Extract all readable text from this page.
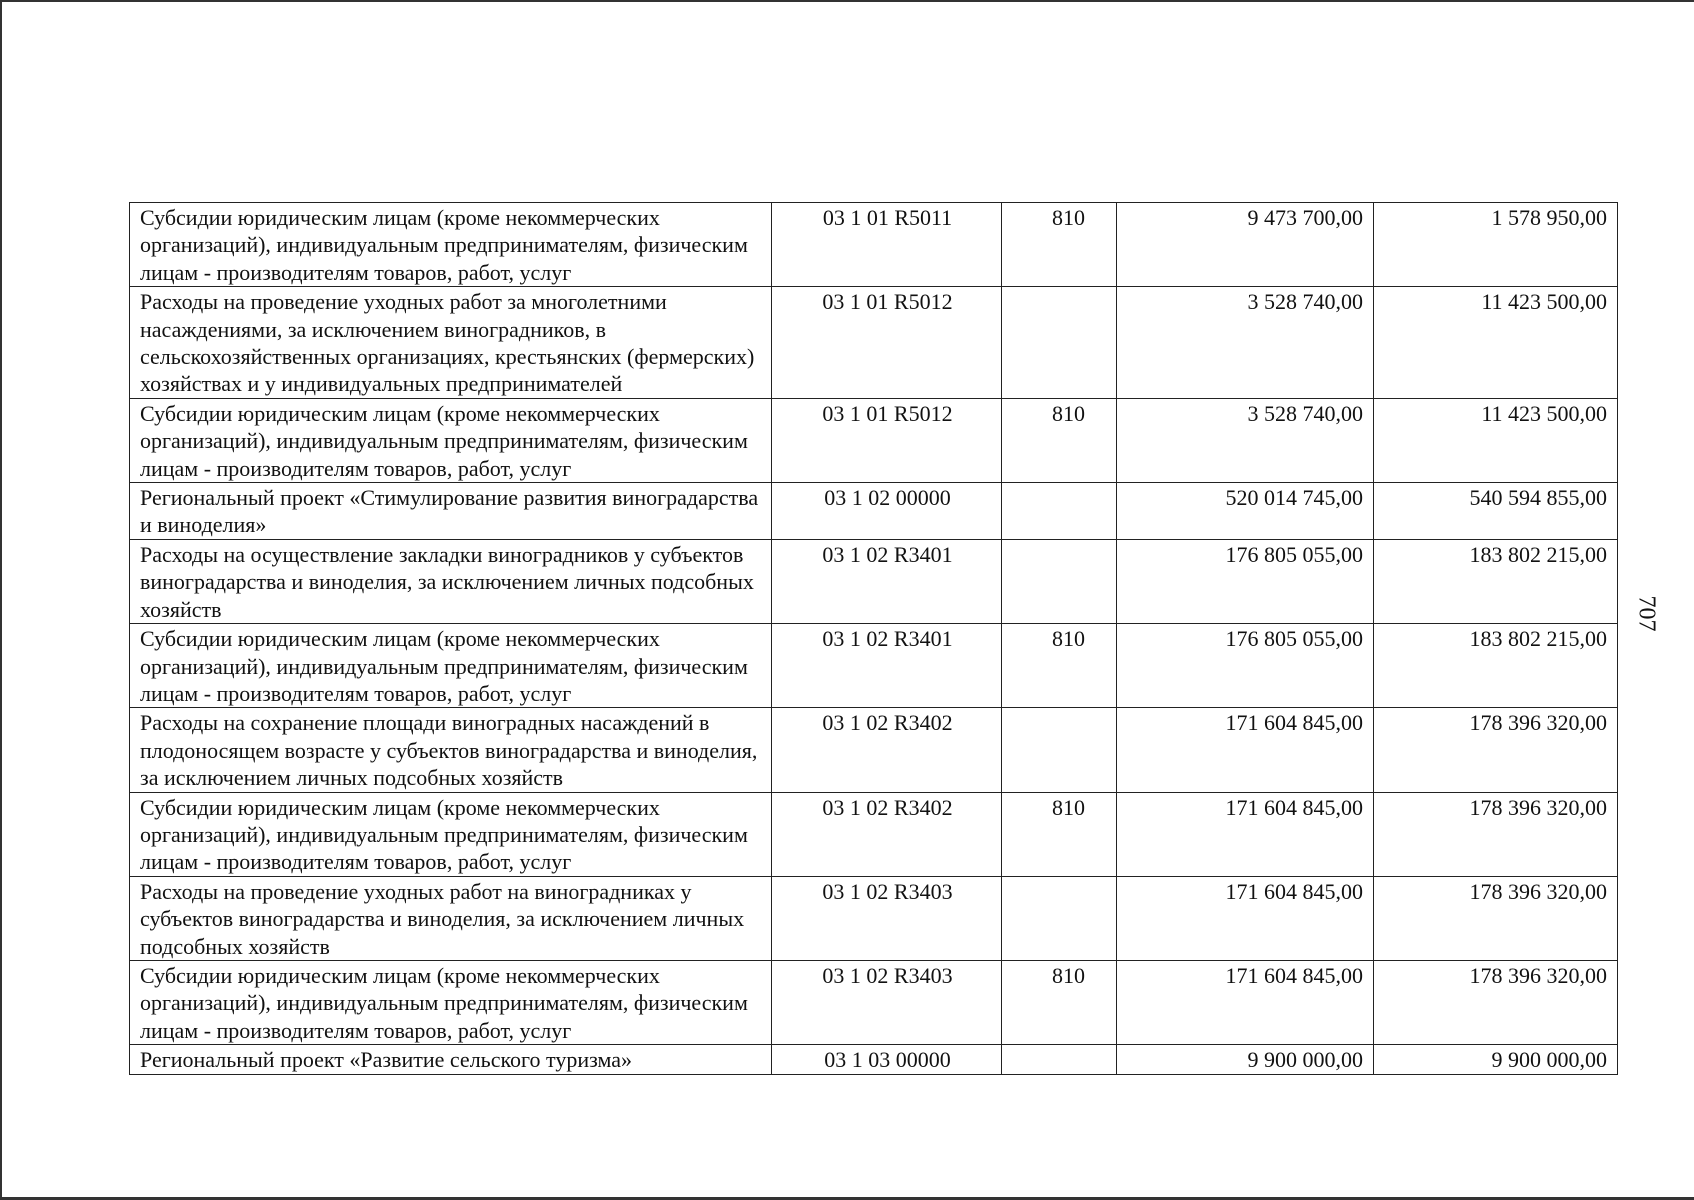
Субсидии юридическим лицам (кроме некоммерческих организаций), индивидуальным предпринимателям, физическим лицам - производителям товаров, работ, услуг	03 1 01 R5011	810	9 473 700,00	1 578 950,00
Расходы на проведение уходных работ за многолетними насаждениями, за исключением виноградников, в сельскохозяйственных организациях, крестьянских (фермерских) хозяйствах и у индивидуальных предпринимателей	03 1 01 R5012		3 528 740,00	11 423 500,00
Субсидии юридическим лицам (кроме некоммерческих организаций), индивидуальным предпринимателям, физическим лицам - производителям товаров, работ, услуг	03 1 01 R5012	810	3 528 740,00	11 423 500,00
Региональный проект «Стимулирование развития виноградарства и виноделия»	03 1 02 00000		520 014 745,00	540 594 855,00
Расходы на осуществление закладки виноградников у субъектов виноградарства и виноделия, за исключением личных подсобных хозяйств	03 1 02 R3401		176 805 055,00	183 802 215,00
Субсидии юридическим лицам (кроме некоммерческих организаций), индивидуальным предпринимателям, физическим лицам - производителям товаров, работ, услуг	03 1 02 R3401	810	176 805 055,00	183 802 215,00
Расходы на сохранение площади виноградных насаждений в плодоносящем возрасте у субъектов виноградарства и виноделия, за исключением личных подсобных хозяйств	03 1 02 R3402		171 604 845,00	178 396 320,00
Субсидии юридическим лицам (кроме некоммерческих организаций), индивидуальным предпринимателям, физическим лицам - производителям товаров, работ, услуг	03 1 02 R3402	810	171 604 845,00	178 396 320,00
Расходы на проведение уходных работ на виноградниках у субъектов виноградарства и виноделия, за исключением личных подсобных хозяйств	03 1 02 R3403		171 604 845,00	178 396 320,00
Субсидии юридическим лицам (кроме некоммерческих организаций), индивидуальным предпринимателям, физическим лицам - производителям товаров, работ, услуг	03 1 02 R3403	810	171 604 845,00	178 396 320,00
Региональный проект «Развитие сельского туризма»	03 1 03 00000		9 900 000,00	9 900 000,00
707
